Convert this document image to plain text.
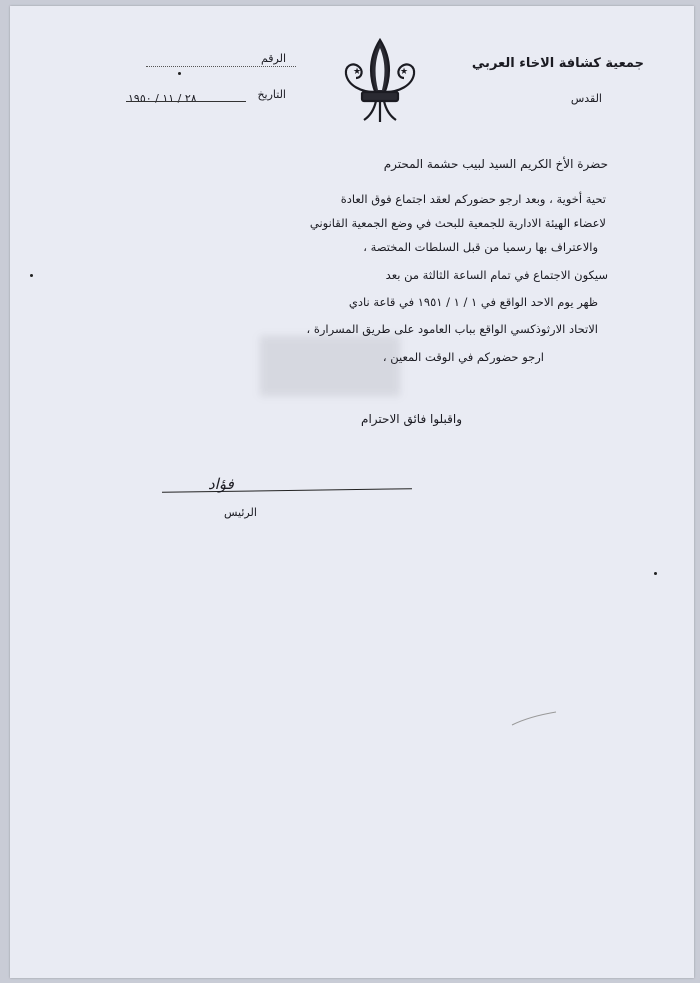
★	★
جمعية كشافة الاخاء العربي
القدس
الرقم
التاريخ
٢٨ / ١١ / ١٩٥٠
حضرة الأخ الكريم السيد لبيب حشمة المحترم
تحية أخوية ، وبعد ارجو حضوركم لعقد اجتماع فوق العادة
لاعضاء الهيئة الادارية للجمعية للبحث في وضع الجمعية القانوني
والاعتراف بها رسميا من قبل السلطات المختصة ،
سيكون الاجتماع في تمام الساعة الثالثة من بعد
ظهر يوم الاحد الواقع في ١ / ١ / ١٩٥١ في قاعة نادي
الاتحاد الارثوذكسي الواقع بباب العامود على طريق المسرارة ،
ارجو حضوركم في الوقت المعين ،
واقبلوا فائق الاحترام
فؤاد
الرئيس
